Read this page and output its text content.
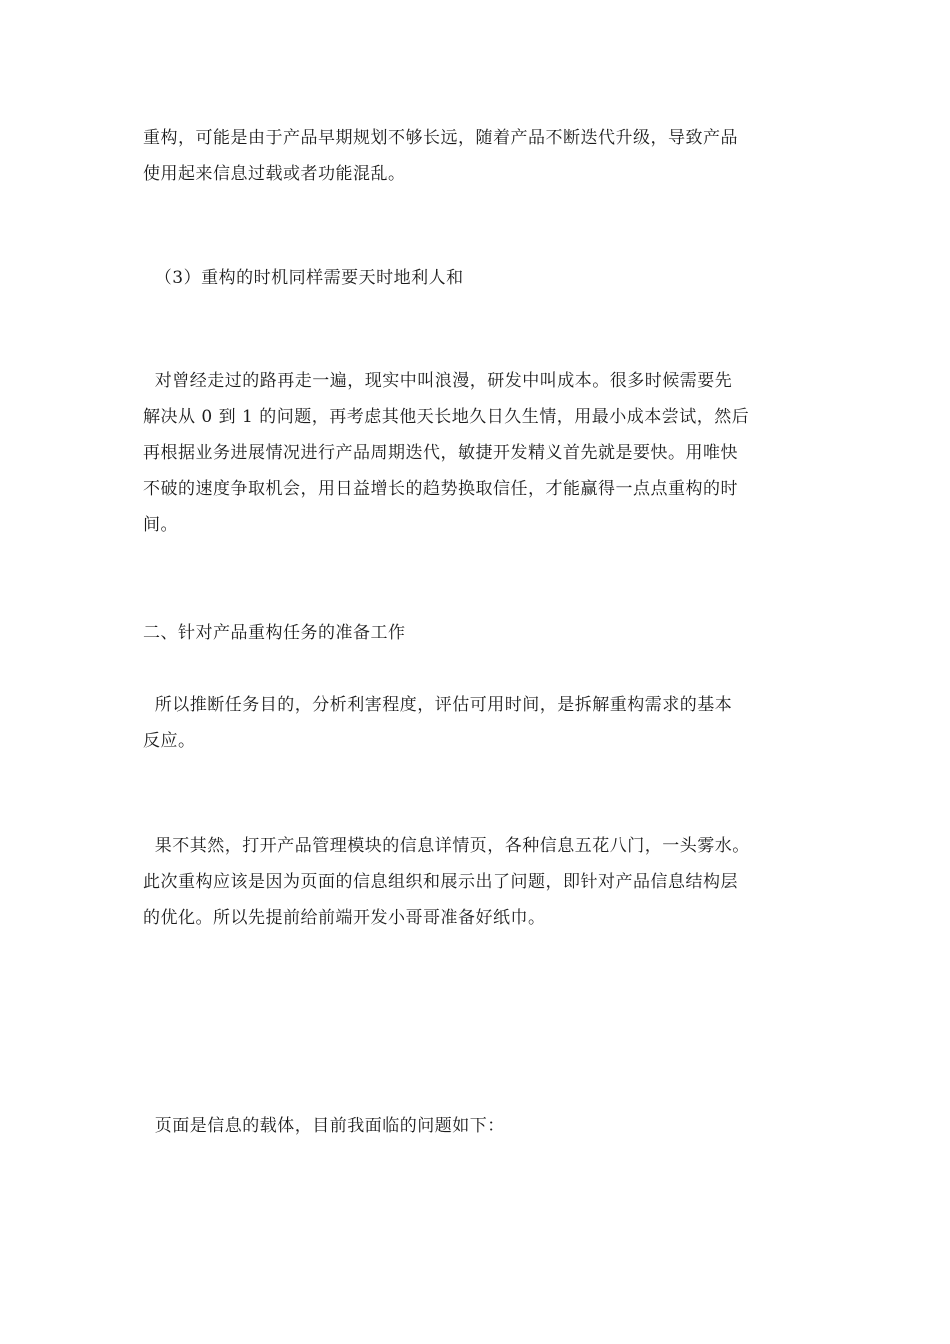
重构，可能是由于产品早期规划不够长远，随着产品不断迭代升级，导致产品
使用起来信息过载或者功能混乱。
（3）重构的时机同样需要天时地利人和
对曾经走过的路再走一遍，现实中叫浪漫，研发中叫成本。很多时候需要先
解决从 0 到 1 的问题，再考虑其他天长地久日久生情，用最小成本尝试，然后
再根据业务进展情况进行产品周期迭代，敏捷开发精义首先就是要快。用唯快
不破的速度争取机会，用日益增长的趋势换取信任，才能赢得一点点重构的时
间。
二、针对产品重构任务的准备工作
所以推断任务目的，分析利害程度，评估可用时间，是拆解重构需求的基本
反应。
果不其然，打开产品管理模块的信息详情页，各种信息五花八门，一头雾水。
此次重构应该是因为页面的信息组织和展示出了问题，即针对产品信息结构层
的优化。所以先提前给前端开发小哥哥准备好纸巾。
页面是信息的载体，目前我面临的问题如下：
